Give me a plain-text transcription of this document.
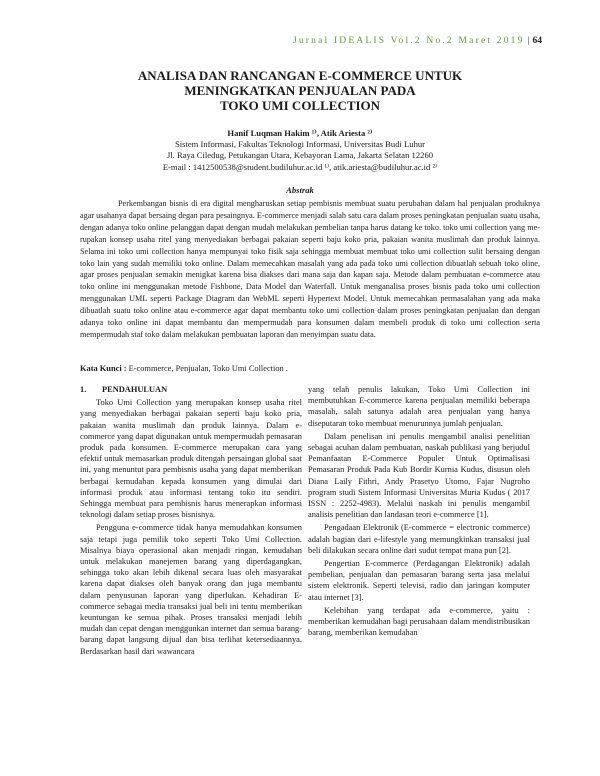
Jurnal IDEALIS Vol.2 No.2 Maret 2019 | 64
ANALISA DAN RANCANGAN E-COMMERCE UNTUK
MENINGKATKAN PENJUALAN PADA
TOKO UMI COLLECTION
Hanif Luqman Hakim ¹⁾, Atik Ariesta ²⁾
Sistem Informasi, Fakultas Teknologi Informasi, Universitas Budi Luhur
Jl. Raya Ciledug, Petukangan Utara, Kebayoran Lama, Jakarta Selatan 12260
E-mail : 1412500538@student.budiluhur.ac.id ¹⁾, atik.ariesta@budiluhur.ac.id ²⁾
Abstrak

Perkembangan bisnis di era digital mengharuskan setiap pembisnis membuat suatu perubahan dalam hal penjualan produknya agar usahanya dapat bersaing degan para pesaingnya. E-commerce menjadi salah satu cara dalam proses peningkatan penjualan suatu usaha, dengan adanya toko online pelanggan dapat dengan mudah melakukan pembelian tanpa harus datang ke toko. toko umi collection yang me-rupakan konsep usaha ritel yang menyediakan berbagai pakaian seperti baju koko pria, pakaian wanita muslimah dan produk lainnya. Selama ini toko umi collection hanya mempunyai toko fisik saja sehingga membuat membuat toko umi collection sulit bersaing dengan toko lain yang sudah memiliki toko online. Dalam memecahkan masalah yang ada pada toko umi collection dibuatlah sebuah toko oline, agar proses penjualan semakin menigkat karena bisa diakses dari mana saja dan kapan saja. Metode dalam pembuatan e-commerce atau toko online ini menggunakan metode Fishbone, Data Model dan Waterfall. Untuk menganalisa proses bisnis pada toko umi collection menggunakan UML seperti Package Diagram dan WebML seperti Hypertext Model. Untuk memecahkan permasalahan yang ada maka dibuatlah suatu toko online atau e-commerce agar dapat membantu toko umi collection dalam proses peningkatan penjualan dan dengan adanya toko online ini dapat membantu dan mempermudah para konsumen dalam membeli produk di toko umi collection serta mempermudah staf toko dalam melakukan pembuatan laporan dan menyimpan suatu data.

Kata Kunci : E-commerce, Penjualan, Toko Umi Collection .
1. PENDAHULUAN

Toko Umi Collection yang merupakan konsep usaha ritel yang menyediakan berbagai pakaian seperti baju koko pria, pakaian wanita muslimah dan produk lainnya. Dalam e-commerce yang dapat digunakan untuk mempermudah pemasaran produk pada konsumen. E-commerce merupakan cara yang efektif untuk memasarkan produk ditengah persaingan global saat ini, yang menuntut para pembisnis usaha yang dapat memberikan berbagai kemudahan kepada konsumen yang dimulai dari informasi produk atau informasi tentang toko itu sendiri. Sehingga membuat para pembisnis harus menerapkan informasi teknologi dalam setiap proses bisnisnya.

Pengguna e-commerce tidak hanya memudahkan konsumen saja tetapi juga pemilik toko seperti Toko Umi Collection. Misalnya biaya operasional akan menjadi ringan, kemudahan untuk melakukan manejemen barang yang diperdagangkan, sehingga toko akan lebih dikenal secara luas oleh masyarakat karena dapat diakses oleh banyak orang dan juga membantu dalam penyusunan laporan yang diperlukan. Kehadiran E-commerce sebagai media transaksi jual beli ini tentu memberikan keuntungan ke semua pihak. Proses transaksi menjadi lebih mudah dan cepat dengan menggunkan internet dan semua barang-barang dapat langsung dijual dan bisa terlihat ketersediaannya. Berdasarkan hasil dari wawancara

yang telah penulis lakukan, Toko Umi Collection ini membutuhkan E-commerce karena penjualan memiliki beberapa masalah, salah satunya adalah area penjualan yang hanya diseputaran toko membuat menurunnya jumlah penjualan.

Dalam penelisan ini penulis mengambil analisi penelitian sebagai acuhan dalam pembuatan, naskah publikasi yang berjudul Pemanfaatan E-Commerce Populer Untuk Optimalisasi Pemasaran Produk Pada Kub Bordir Kurnia Kudus, disusun oleh Diana Laily Fithri, Andy Prasetyo Utomo, Fajar Nugroho program studi Sistem Informasi Universitas Muria Kudus ( 2017 ISSN : 2252-4983). Melalui naskah ini penulis mengambil analisis penelitian dan landasan teori e-commerce [1].

Pengadaan Elektronik (E-commerce = electronic commerce) adalah bagian dari e-lifestyle yang memungkinkan transaksi jual beli dilakukan secara online dari sudut tempat mana pun [2].

Pengertian E-commerce (Perdagangan Elektronik) adalah pembelian, penjualan dan pemasaran barang serta jasa melalui sistem elektronik. Seperti televisi, radio dan jaringan komputer atau internet [3].

Kelebihan yang terdapat ada e-commerce, yaitu : memberikan kemudahan bagi perusahaan dalam mendistribusikan barang, memberikan kemudahan
